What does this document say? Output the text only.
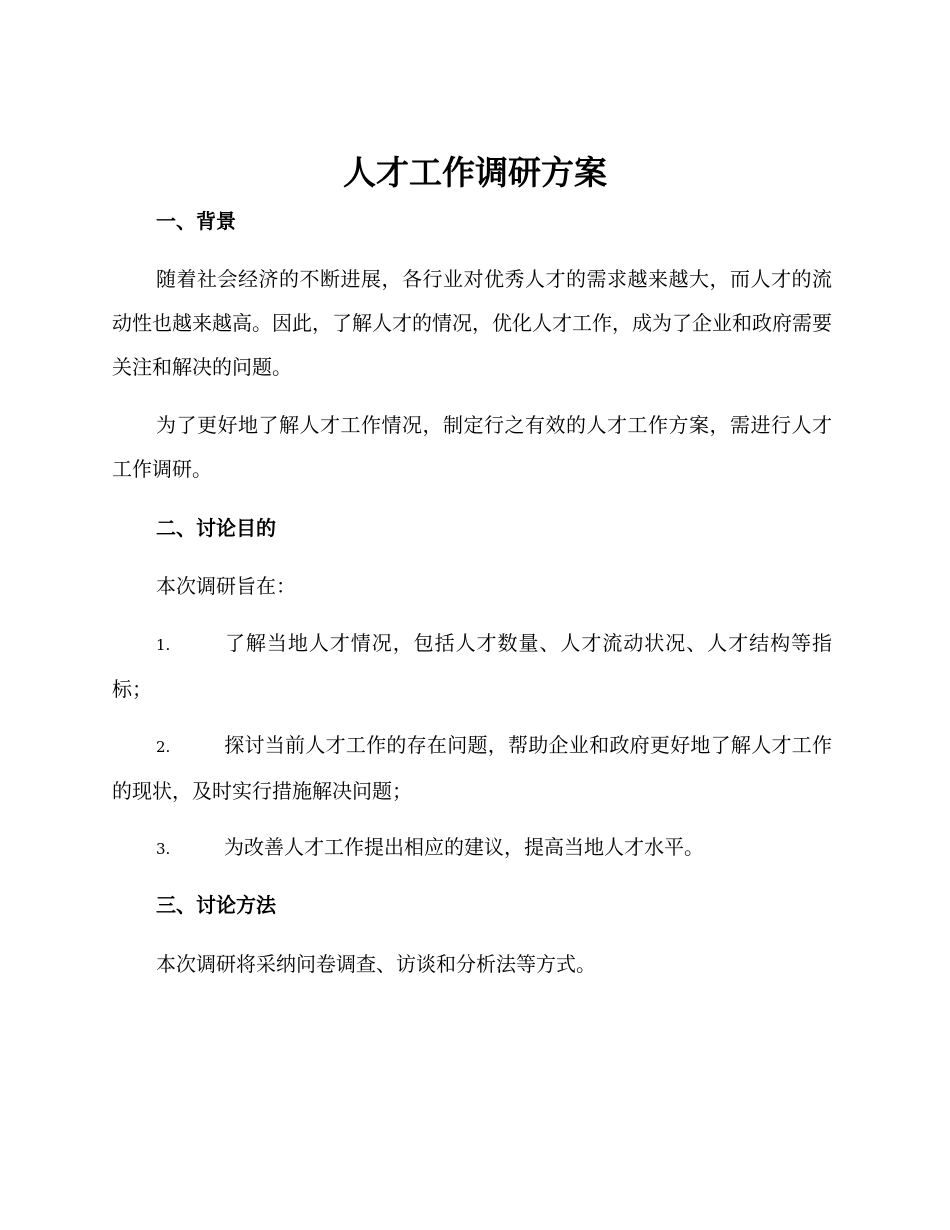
人才工作调研方案
一、背景

随着社会经济的不断进展，各行业对优秀人才的需求越来越大，而人才的流动性也越来越高。因此，了解人才的情况，优化人才工作，成为了企业和政府需要关注和解决的问题。

为了更好地了解人才工作情况，制定行之有效的人才工作方案，需进行人才工作调研。

二、讨论目的

本次调研旨在：

1.	了解当地人才情况，包括人才数量、人才流动状况、人才结构等指标；

2.	探讨当前人才工作的存在问题，帮助企业和政府更好地了解人才工作的现状，及时实行措施解决问题；

3.	为改善人才工作提出相应的建议，提高当地人才水平。

三、讨论方法

本次调研将采纳问卷调查、访谈和分析法等方式。
